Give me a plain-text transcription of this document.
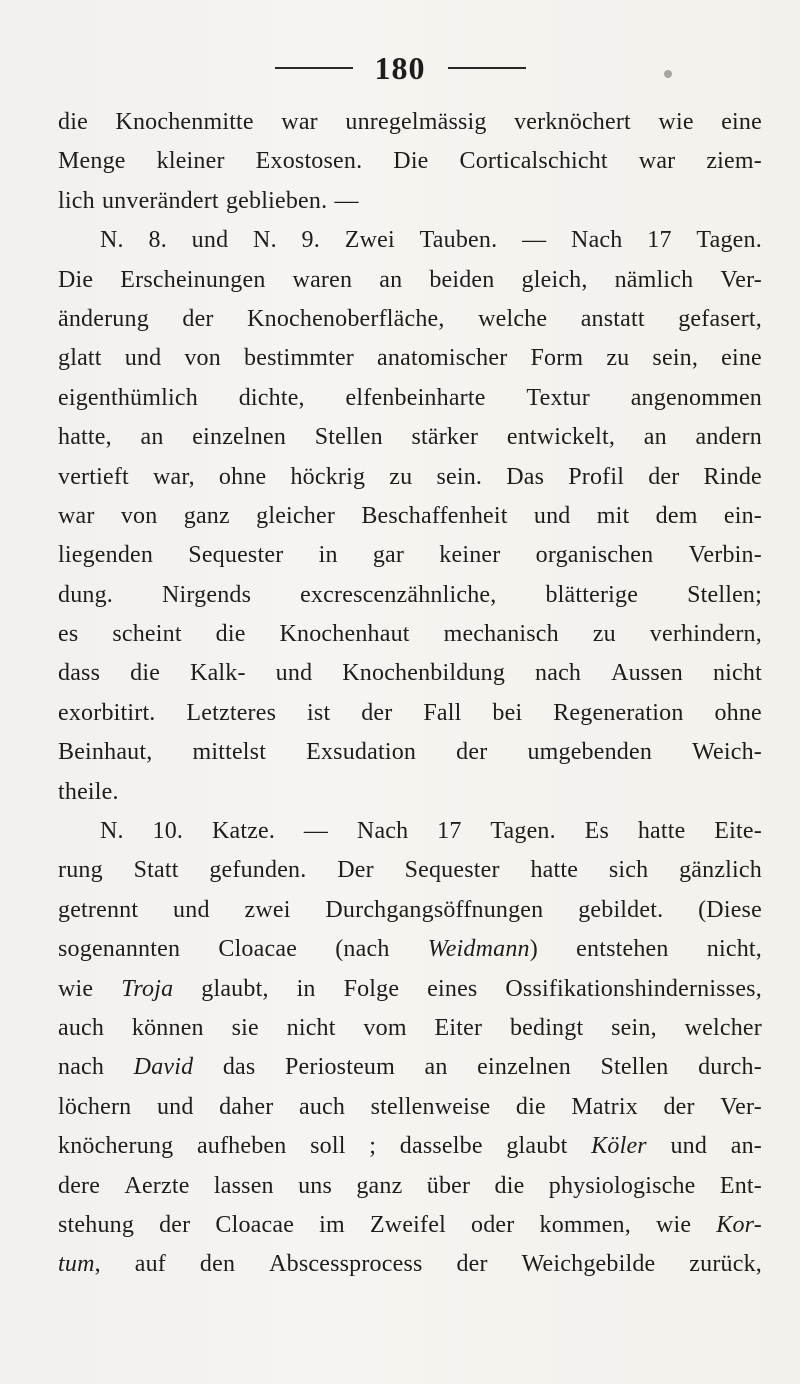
180
die Knochenmitte war unregelmässig verknöchert wie eine
Menge kleiner Exostosen. Die Corticalschicht war ziem-
lich unverändert geblieben. —
N. 8. und N. 9. Zwei Tauben. — Nach 17 Tagen.
Die Erscheinungen waren an beiden gleich, nämlich Ver-
änderung der Knochenoberfläche, welche anstatt gefasert,
glatt und von bestimmter anatomischer Form zu sein, eine
eigenthümlich dichte, elfenbeinharte Textur angenommen
hatte, an einzelnen Stellen stärker entwickelt, an andern
vertieft war, ohne höckrig zu sein. Das Profil der Rinde
war von ganz gleicher Beschaffenheit und mit dem ein-
liegenden Sequester in gar keiner organischen Verbin-
dung. Nirgends excrescenzähnliche, blätterige Stellen;
es scheint die Knochenhaut mechanisch zu verhindern,
dass die Kalk- und Knochenbildung nach Aussen nicht
exorbitirt. Letzteres ist der Fall bei Regeneration ohne
Beinhaut, mittelst Exsudation der umgebenden Weich-
theile.
N. 10. Katze. — Nach 17 Tagen. Es hatte Eite-
rung Statt gefunden. Der Sequester hatte sich gänzlich
getrennt und zwei Durchgangsöffnungen gebildet. (Diese
sogenannten Cloacae (nach Weidmann) entstehen nicht,
wie Troja glaubt, in Folge eines Ossifikationshindernisses,
auch können sie nicht vom Eiter bedingt sein, welcher
nach David das Periosteum an einzelnen Stellen durch-
löchern und daher auch stellenweise die Matrix der Ver-
knöcherung aufheben soll ; dasselbe glaubt Köler und an-
dere Aerzte lassen uns ganz über die physiologische Ent-
stehung der Cloacae im Zweifel oder kommen, wie Kor-
tum, auf den Abscessprocess der Weichgebilde zurück,
